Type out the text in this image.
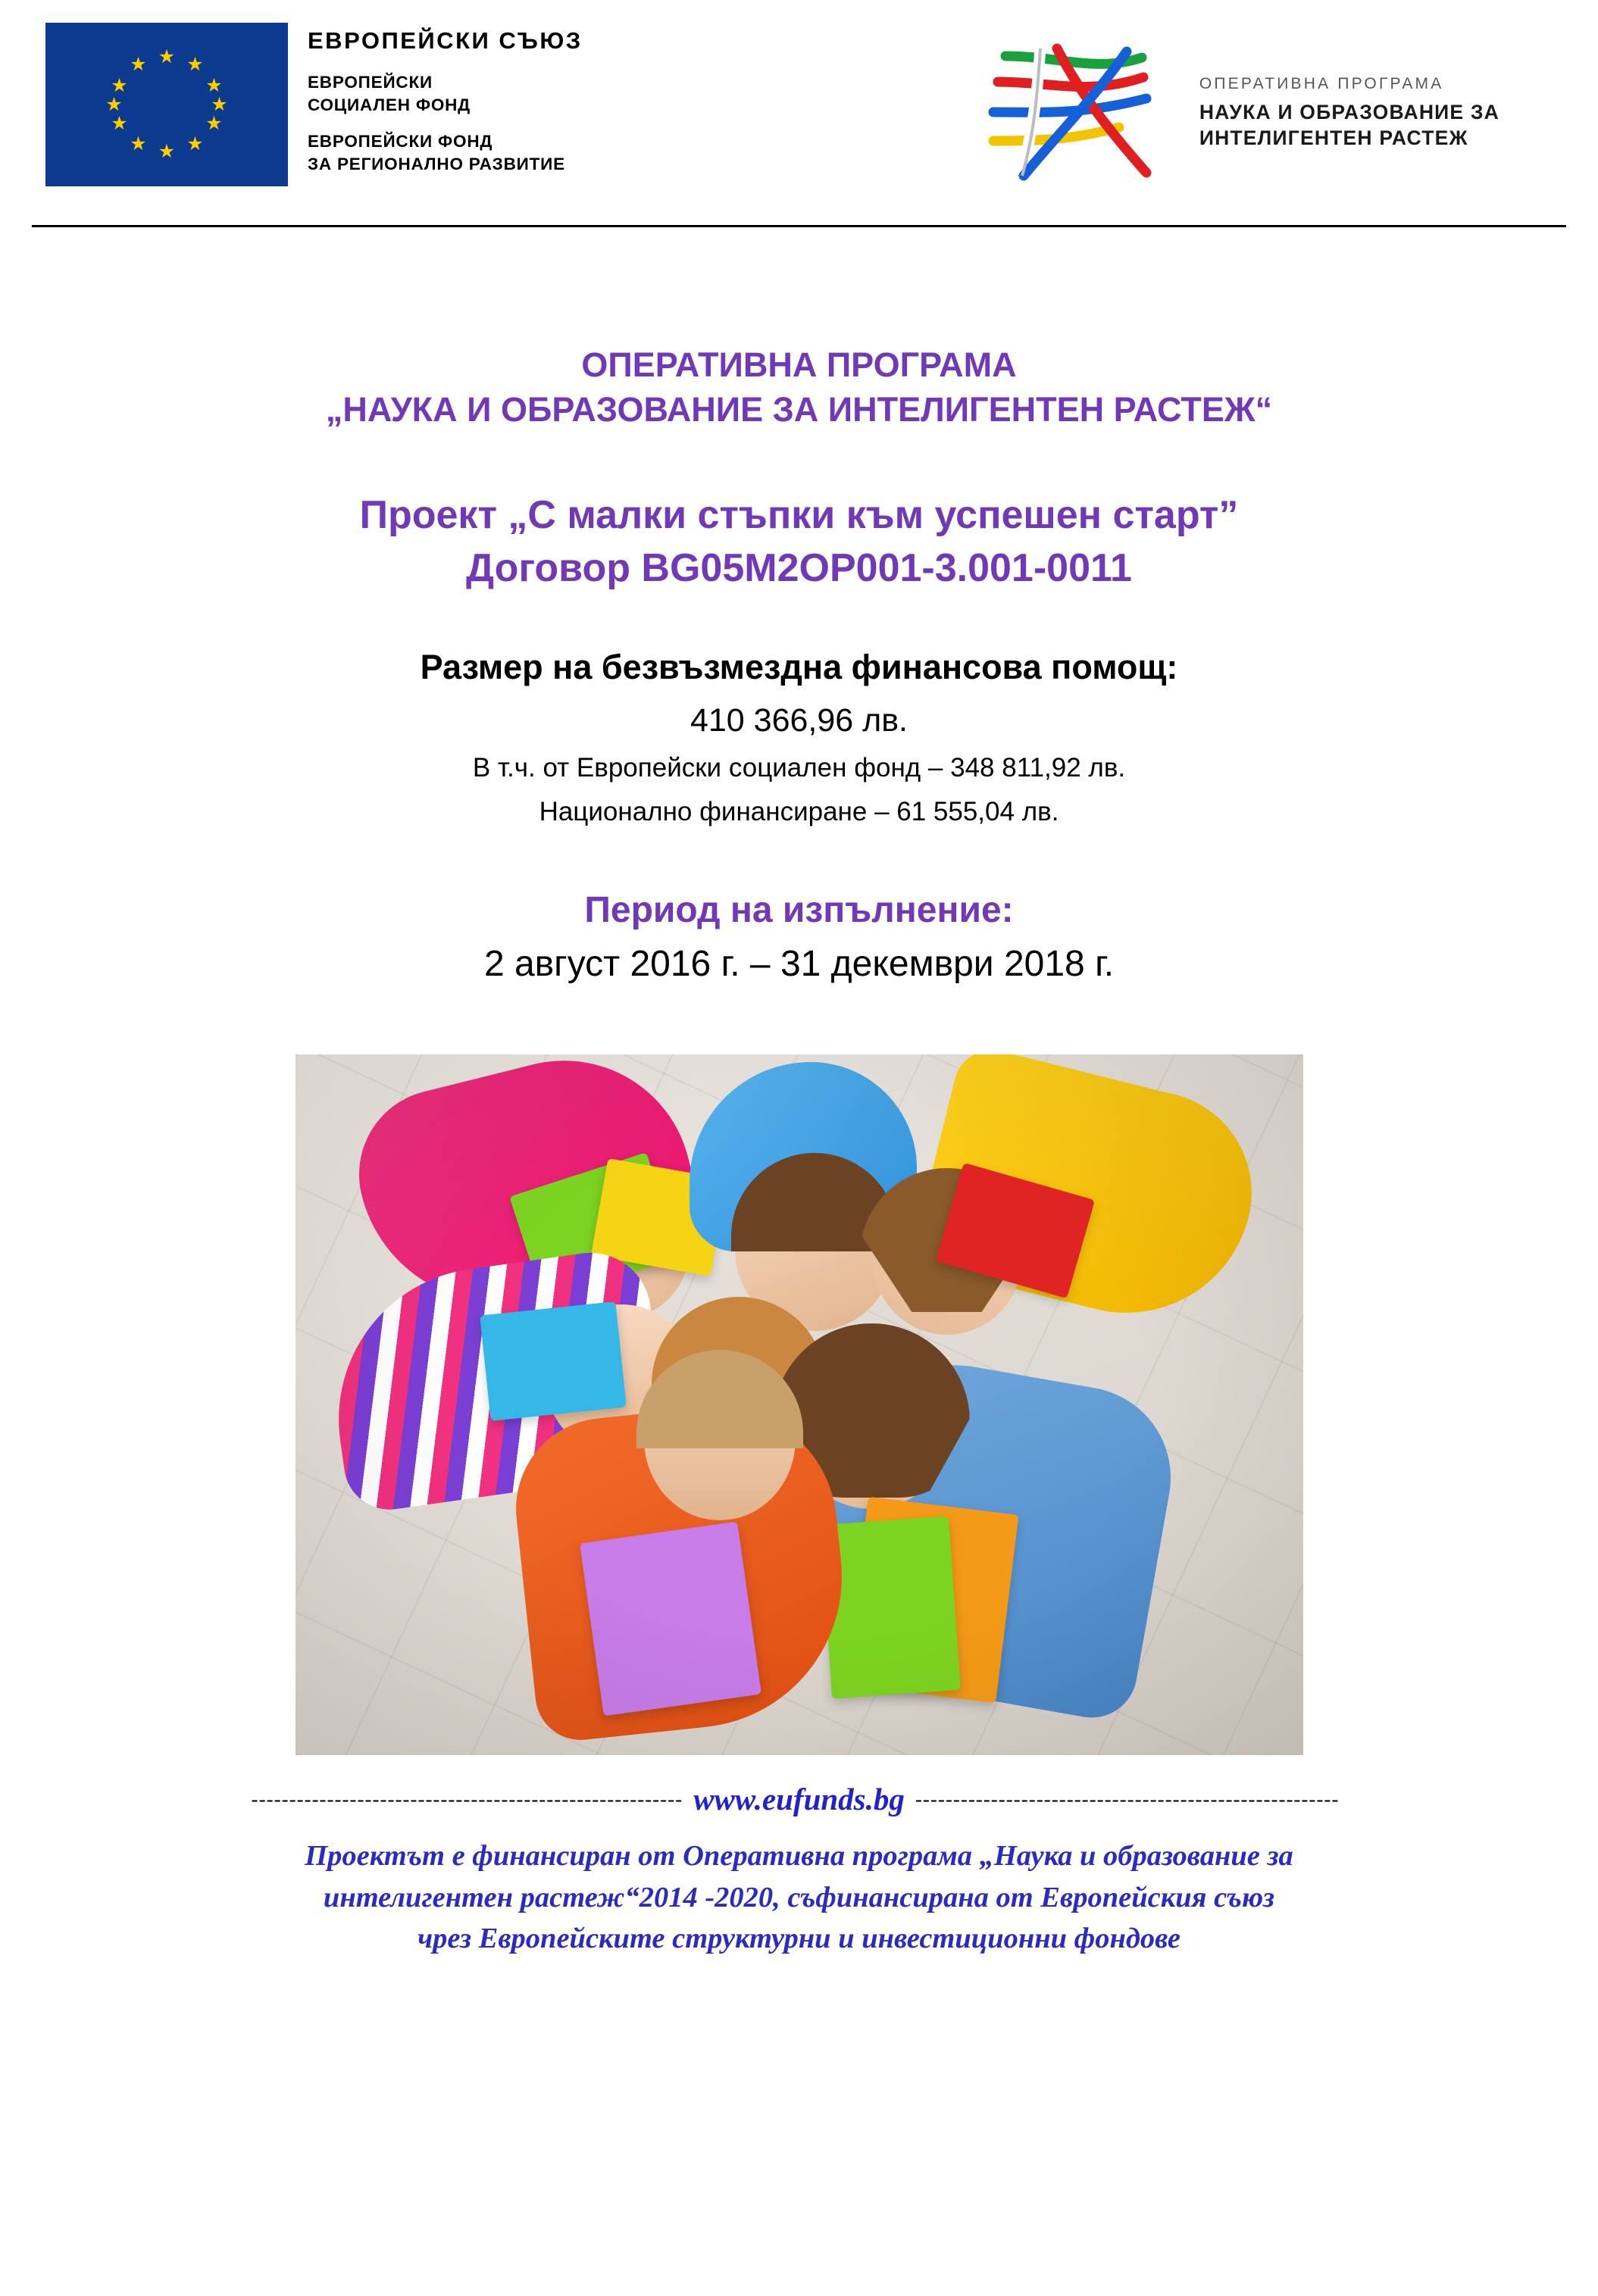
★ ★
★
★
★
★
★
★
★
★
★
★
ЕВРОПЕЙСКИ СЪЮЗ
ЕВРОПЕЙСКИ
СОЦИАЛЕН ФОНД
ЕВРОПЕЙСКИ ФОНД
ЗА РЕГИОНАЛНО РАЗВИТИЕ
ОПЕРАТИВНА ПРОГРАМА
НАУКА И ОБРАЗОВАНИЕ ЗА
ИНТЕЛИГЕНТЕН РАСТЕЖ
ОПЕРАТИВНА ПРОГРАМА
„НАУКА И ОБРАЗОВАНИЕ ЗА ИНТЕЛИГЕНТЕН РАСТЕЖ“
Проект „С малки стъпки към успешен старт”
Договор BG05M2OP001-3.001-0011
Размер на безвъзмездна финансова помощ:
410 366,96 лв.
В т.ч. от Европейски социален фонд – 348 811,92 лв.
Национално финансиране – 61 555,04 лв.
Период на изпълнение:
2 август 2016 г. – 31 декември 2018 г.
--------------------------------------------------------- www.eufunds.bg --------------------------------------------------------
Проектът е финансиран от Оперативна програма „Наука и образование за
интелигентен растеж“2014 -2020, съфинансирана от Европейския съюз
чрез Европейските структурни и инвестиционни фондове
